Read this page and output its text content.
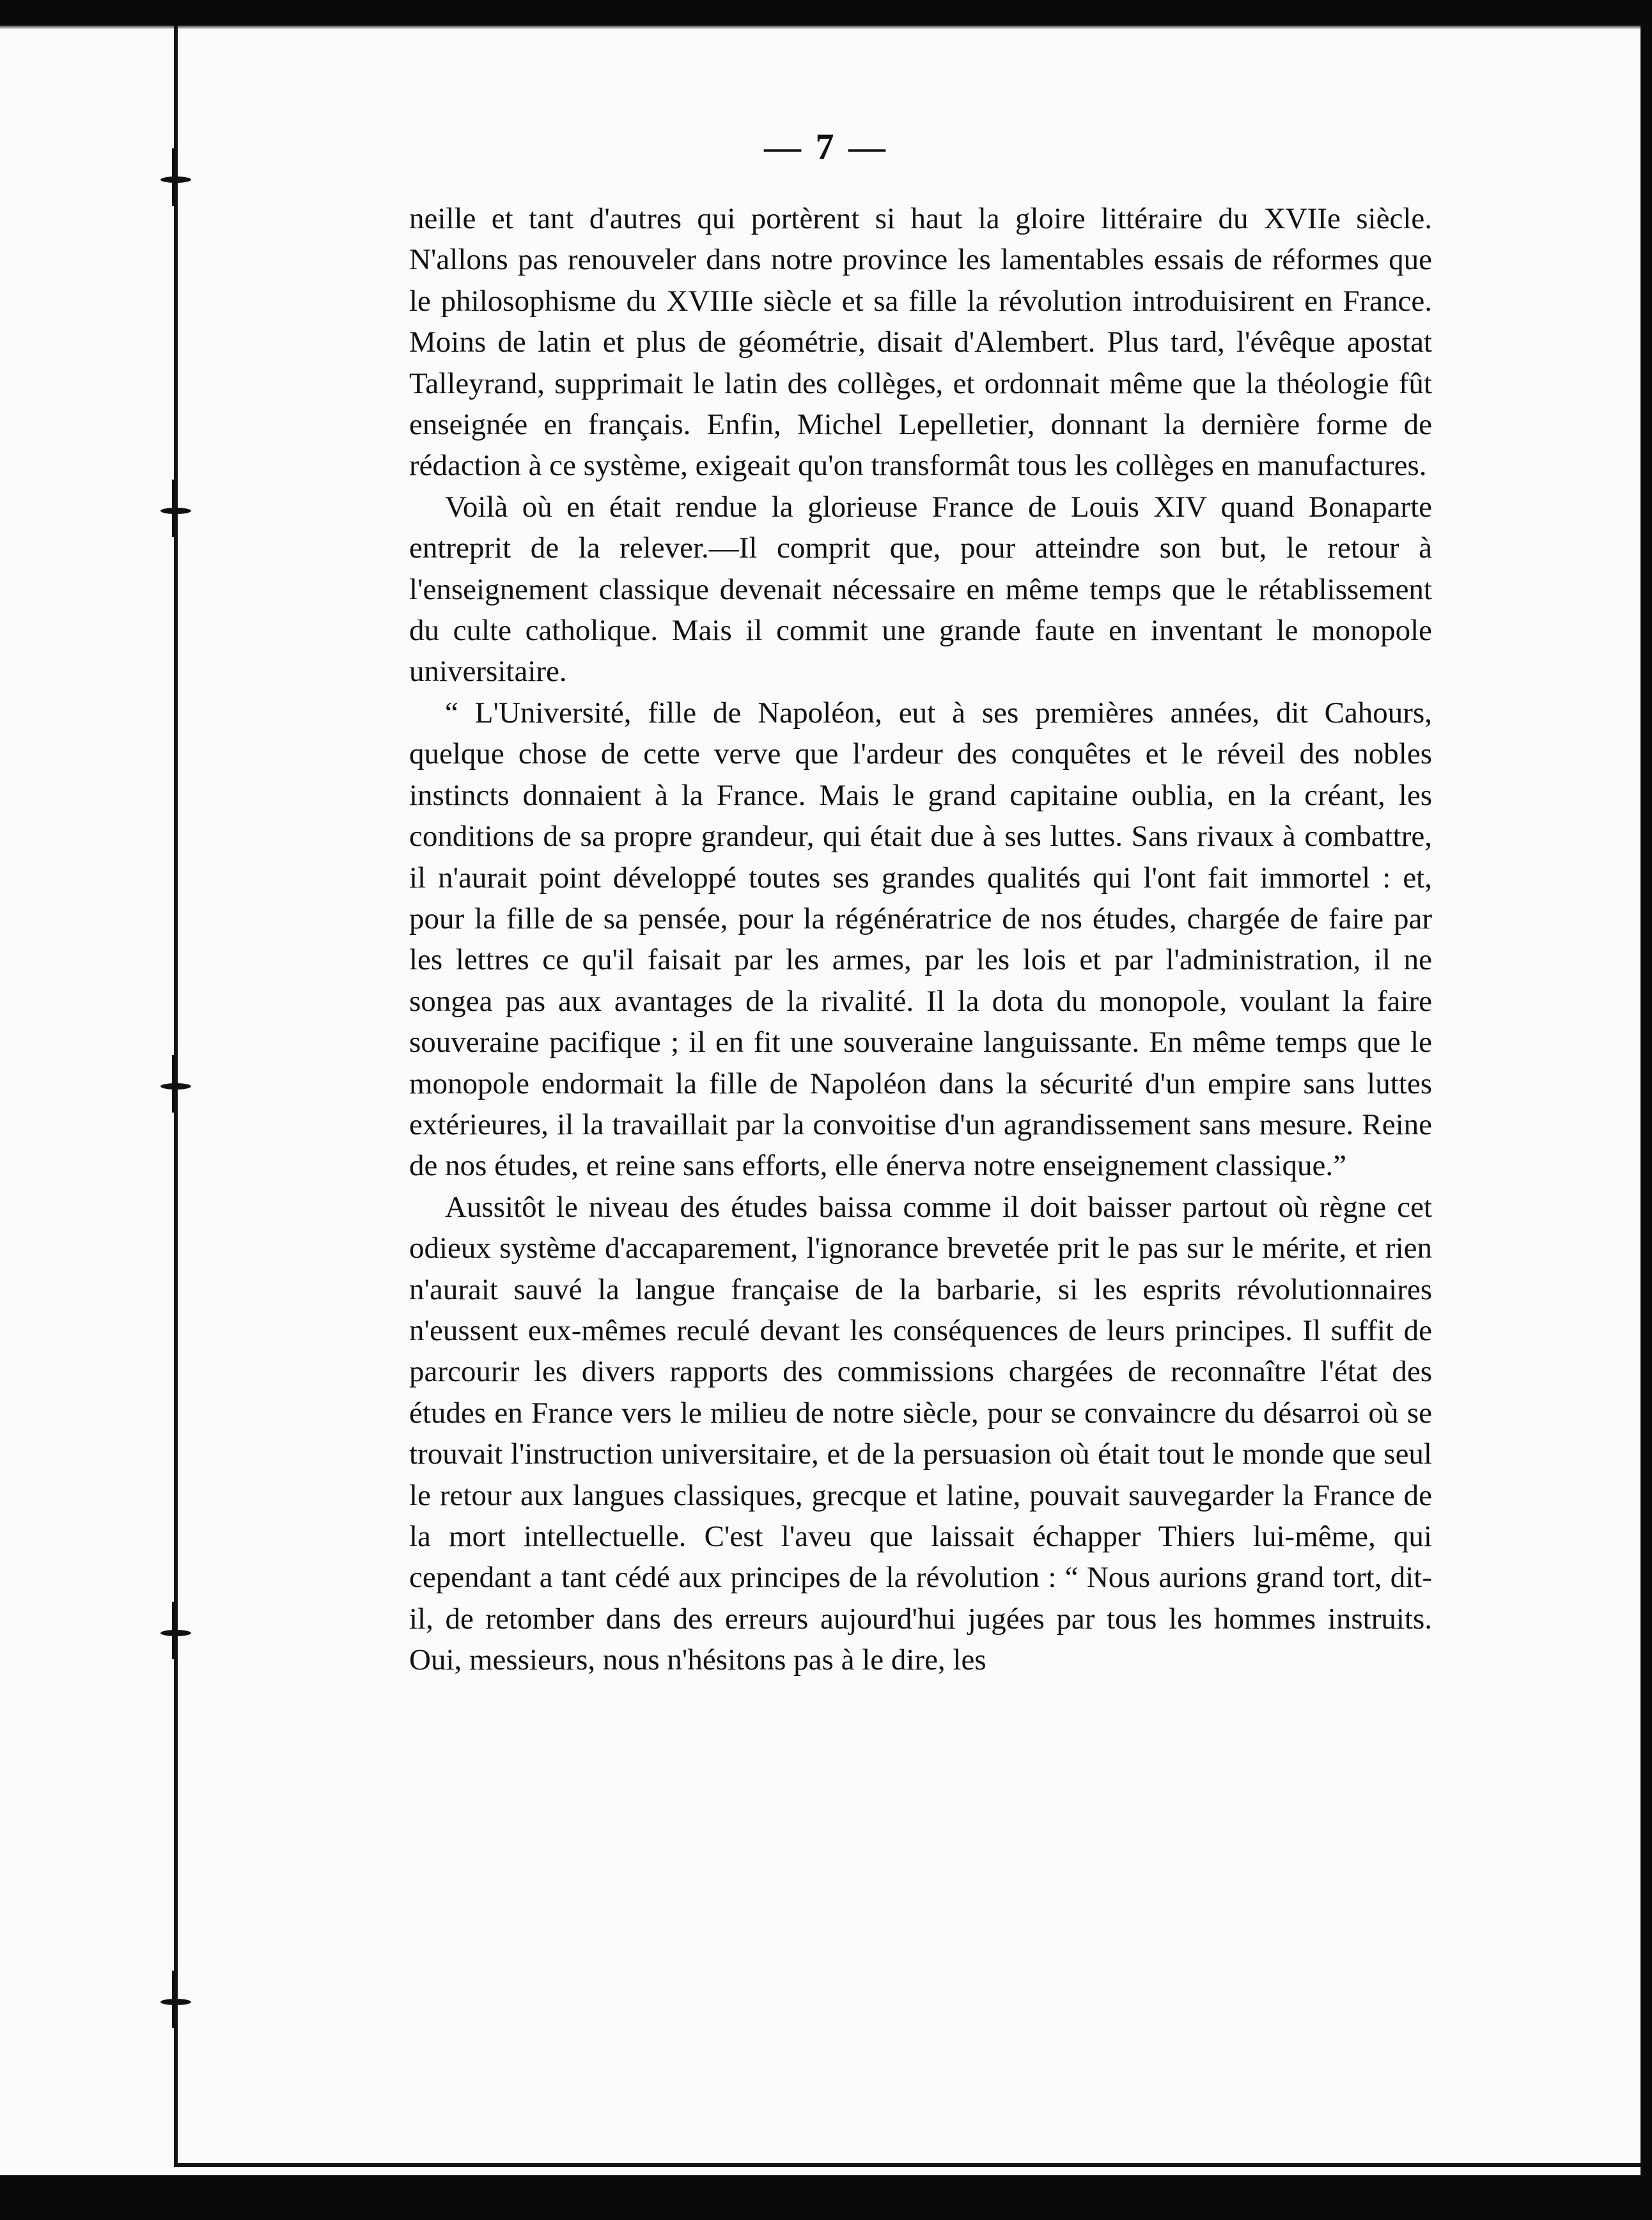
— 7 —

neille et tant d'autres qui portèrent si haut la gloire littéraire du XVIIe siècle. N'allons pas renouveler dans notre province les lamentables essais de réformes que le philosophisme du XVIIIe siècle et sa fille la révolution introduisirent en France. Moins de latin et plus de géométrie, disait d'Alembert. Plus tard, l'évêque apostat Talleyrand, supprimait le latin des collèges, et ordonnait même que la théologie fût enseignée en français. Enfin, Michel Lepelletier, donnant la dernière forme de rédaction à ce système, exigeait qu'on transformât tous les collèges en manufactures.

Voilà où en était rendue la glorieuse France de Louis XIV quand Bonaparte entreprit de la relever.—Il comprit que, pour atteindre son but, le retour à l'enseignement classique devenait nécessaire en même temps que le rétablissement du culte catholique. Mais il commit une grande faute en inventant le monopole universitaire.

“ L'Université, fille de Napoléon, eut à ses premières années, dit Cahours, quelque chose de cette verve que l'ardeur des conquêtes et le réveil des nobles instincts donnaient à la France. Mais le grand capitaine oublia, en la créant, les conditions de sa propre grandeur, qui était due à ses luttes. Sans rivaux à combattre, il n'aurait point développé toutes ses grandes qualités qui l'ont fait immortel : et, pour la fille de sa pensée, pour la régénératrice de nos études, chargée de faire par les lettres ce qu'il faisait par les armes, par les lois et par l'administration, il ne songea pas aux avantages de la rivalité. Il la dota du monopole, voulant la faire souveraine pacifique ; il en fit une souveraine languissante. En même temps que le monopole endormait la fille de Napoléon dans la sécurité d'un empire sans luttes extérieures, il la travaillait par la convoitise d'un agrandissement sans mesure. Reine de nos études, et reine sans efforts, elle énerva notre enseignement classique.”

Aussitôt le niveau des études baissa comme il doit baisser partout où règne cet odieux système d'accaparement, l'ignorance brevetée prit le pas sur le mérite, et rien n'aurait sauvé la langue française de la barbarie, si les esprits révolutionnaires n'eussent eux-mêmes reculé devant les conséquences de leurs principes. Il suffit de parcourir les divers rapports des commissions chargées de reconnaître l'état des études en France vers le milieu de notre siècle, pour se convaincre du désarroi où se trouvait l'instruction universitaire, et de la persuasion où était tout le monde que seul le retour aux langues classiques, grecque et latine, pouvait sauvegarder la France de la mort intellectuelle. C'est l'aveu que laissait échapper Thiers lui-même, qui cependant a tant cédé aux principes de la révolution : “ Nous aurions grand tort, dit-il, de retomber dans des erreurs aujourd'hui jugées par tous les hommes instruits. Oui, messieurs, nous n'hésitons pas à le dire, les
